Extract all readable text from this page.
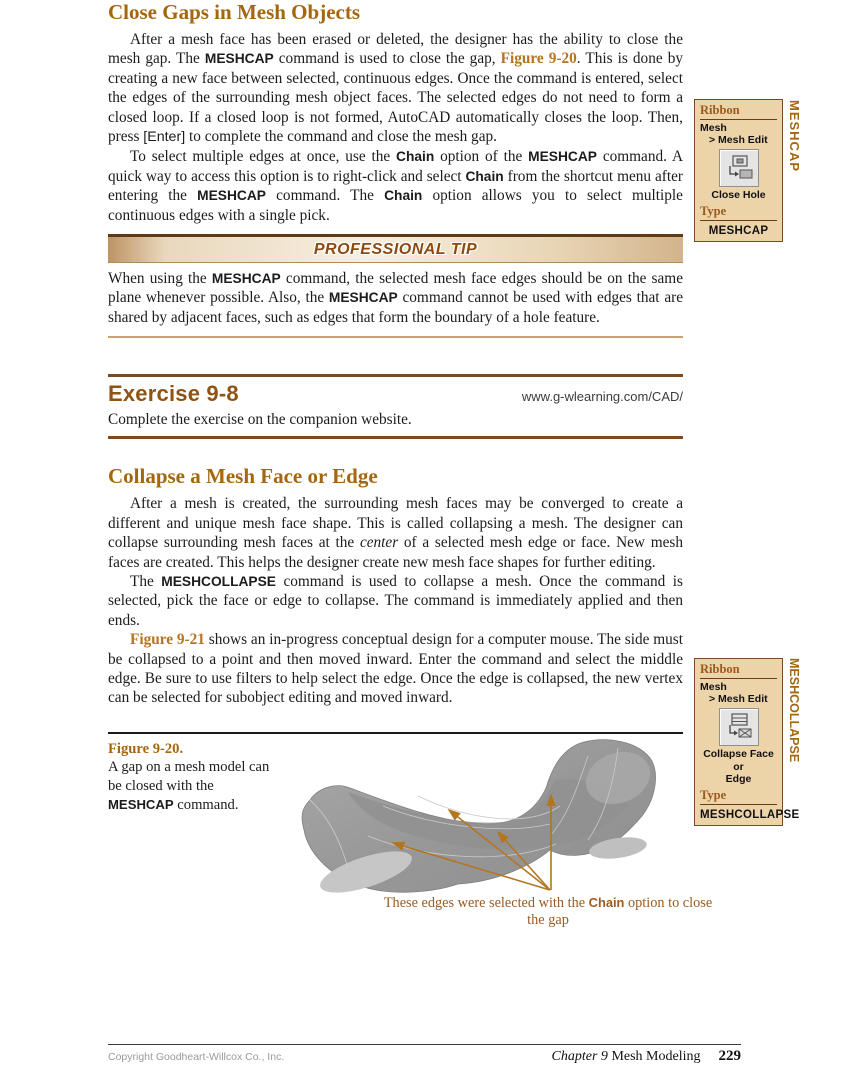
Close Gaps in Mesh Objects

After a mesh face has been erased or deleted, the designer has the ability to close the mesh gap. The MESHCAP command is used to close the gap, Figure 9-20. This is done by creating a new face between selected, continuous edges. Once the command is entered, select the edges of the surrounding mesh object faces. The selected edges do not need to form a closed loop. If a closed loop is not formed, AutoCAD automatically closes the loop. Then, press [Enter] to complete the command and close the mesh gap.

To select multiple edges at once, use the Chain option of the MESHCAP command. A quick way to access this option is to right-click and select Chain from the shortcut menu after entering the MESHCAP command. The Chain option allows you to select multiple continuous edges with a single pick.

PROFESSIONAL TIP

When using the MESHCAP command, the selected mesh face edges should be on the same plane whenever possible. Also, the MESHCAP command cannot be used with edges that are shared by adjacent faces, such as edges that form the boundary of a hole feature.

Exercise 9-8	www.g-wlearning.com/CAD/
Complete the exercise on the companion website.
Collapse a Mesh Face or Edge

After a mesh is created, the surrounding mesh faces may be converged to create a different and unique mesh face shape. This is called collapsing a mesh. The designer can collapse surrounding mesh faces at the center of a selected mesh edge or face. New mesh faces are created. This helps the designer create new mesh face shapes for further editing.

The MESHCOLLAPSE command is used to collapse a mesh. Once the command is selected, pick the face or edge to collapse. The command is immediately applied and then ends.

Figure 9-21 shows an in-progress conceptual design for a computer mouse. The side must be collapsed to a point and then moved inward. Enter the command and select the middle edge. Be sure to use filters to help select the edge. Once the edge is collapsed, the new vertex can be selected for subobject editing and moved inward.

Figure 9-20.
A gap on a mesh model can be closed with the MESHCAP command.
These edges were selected with the Chain option to close the gap
Ribbon
Mesh
> Mesh Edit
Close Hole
Type
MESHCAP
MESHCAP
Ribbon
Mesh
> Mesh Edit
Collapse Face or
Edge
Type
MESHCOLLAPSE
MESHCOLLAPSE
Copyright Goodheart-Willcox Co., Inc.	Chapter 9 Mesh Modeling 229
